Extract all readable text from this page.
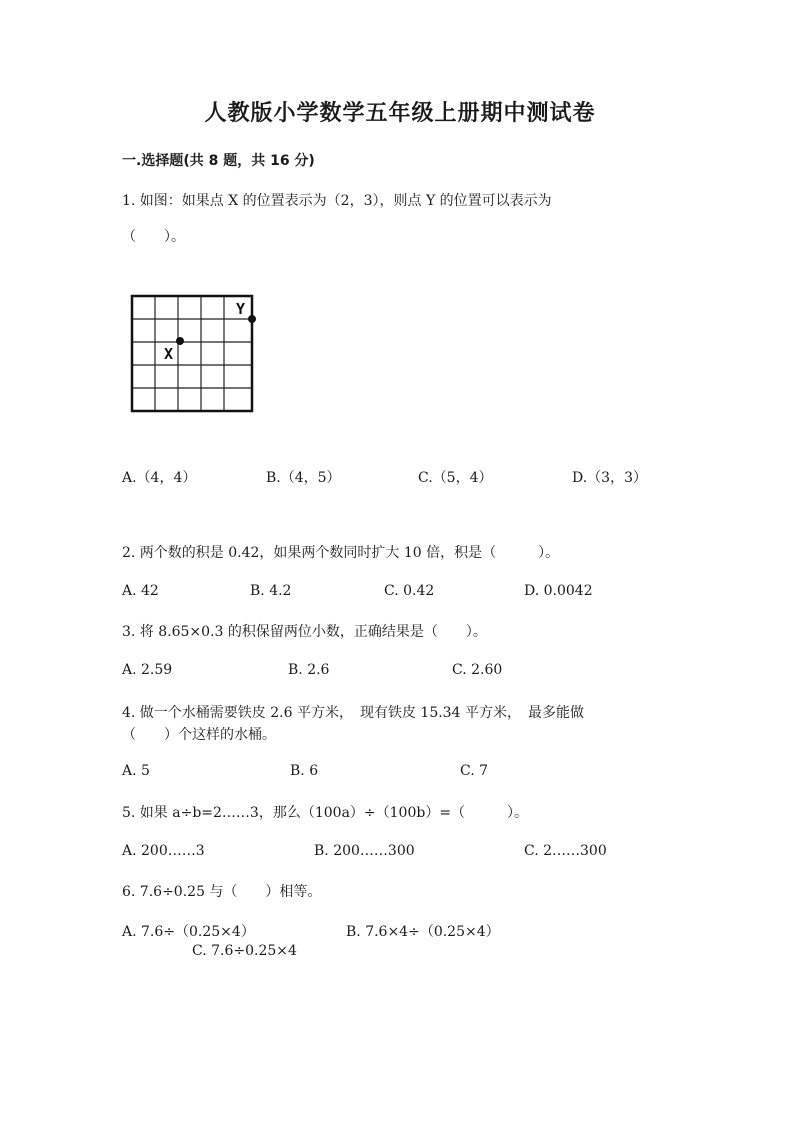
人教版小学数学五年级上册期中测试卷
一.选择题(共 8 题，共 16 分)
1. 如图：如果点 X 的位置表示为（2，3），则点 Y 的位置可以表示为
（　　）。
X
Y
A.（4，4）	B.（4，5）	C.（5，4）	D.（3，3）
2. 两个数的积是 0.42，如果两个数同时扩大 10 倍，积是（　　　）。
A. 42	B. 4.2	C. 0.42	D. 0.0042
3. 将 8.65×0.3 的积保留两位小数，正确结果是（　　）。
A. 2.59	B. 2.6	C. 2.60
4. 做一个水桶需要铁皮 2.6 平方米，　现有铁皮 15.34 平方米，　最多能做
（　　）个这样的水桶。
A. 5	B. 6	C. 7
5. 如果 a÷b=2……3，那么（100a）÷（100b）=（　　　）。
A. 200……3	B. 200……300	C. 2……300
6. 7.6÷0.25 与（　　）相等。
A. 7.6÷（0.25×4）	B. 7.6×4÷（0.25×4）
C. 7.6÷0.25×4
